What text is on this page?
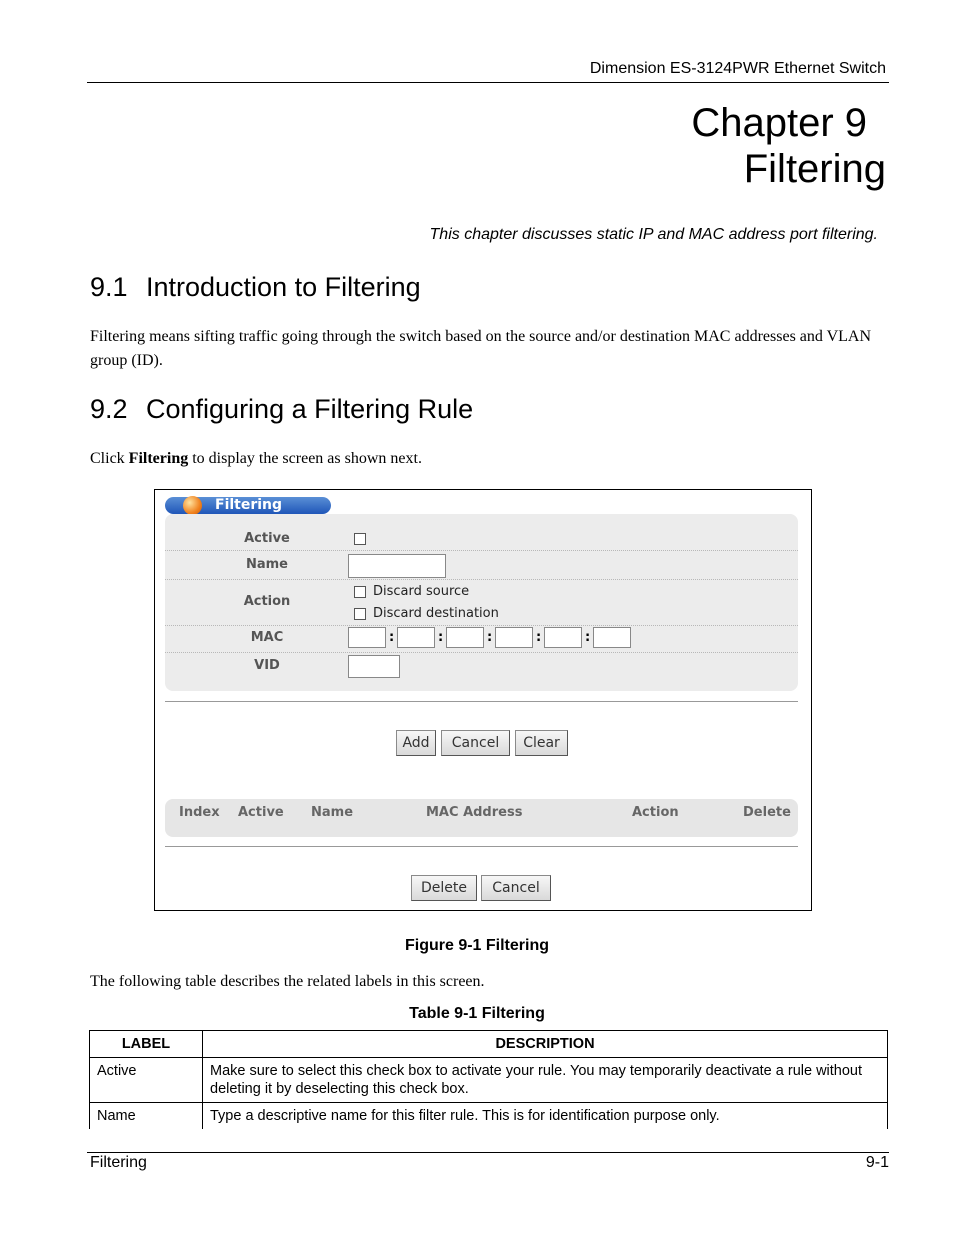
Dimension ES-3124PWR Ethernet Switch
Chapter 9
Filtering
This chapter discusses static IP and MAC address port filtering.
9.1 Introduction to Filtering
Filtering means sifting traffic going through the switch based on the source and/or destination MAC addresses and VLAN group (ID).
9.2 Configuring a Filtering Rule
Click Filtering to display the screen as shown next.
Filtering
Active
Name
Action
Discard source
Discard destination
MAC	:	:	:	:	:
VID
Add	Cancel	Clear
Index Active Name	MAC Address	Action	Delete
Delete	Cancel
Figure 9-1 Filtering
The following table describes the related labels in this screen.
Table 9-1 Filtering
LABEL	DESCRIPTION
Active	Make sure to select this check box to activate your rule. You may temporarily deactivate a rule without deleting it by deselecting this check box.
Name	Type a descriptive name for this filter rule. This is for identification purpose only.
Filtering	9-1
